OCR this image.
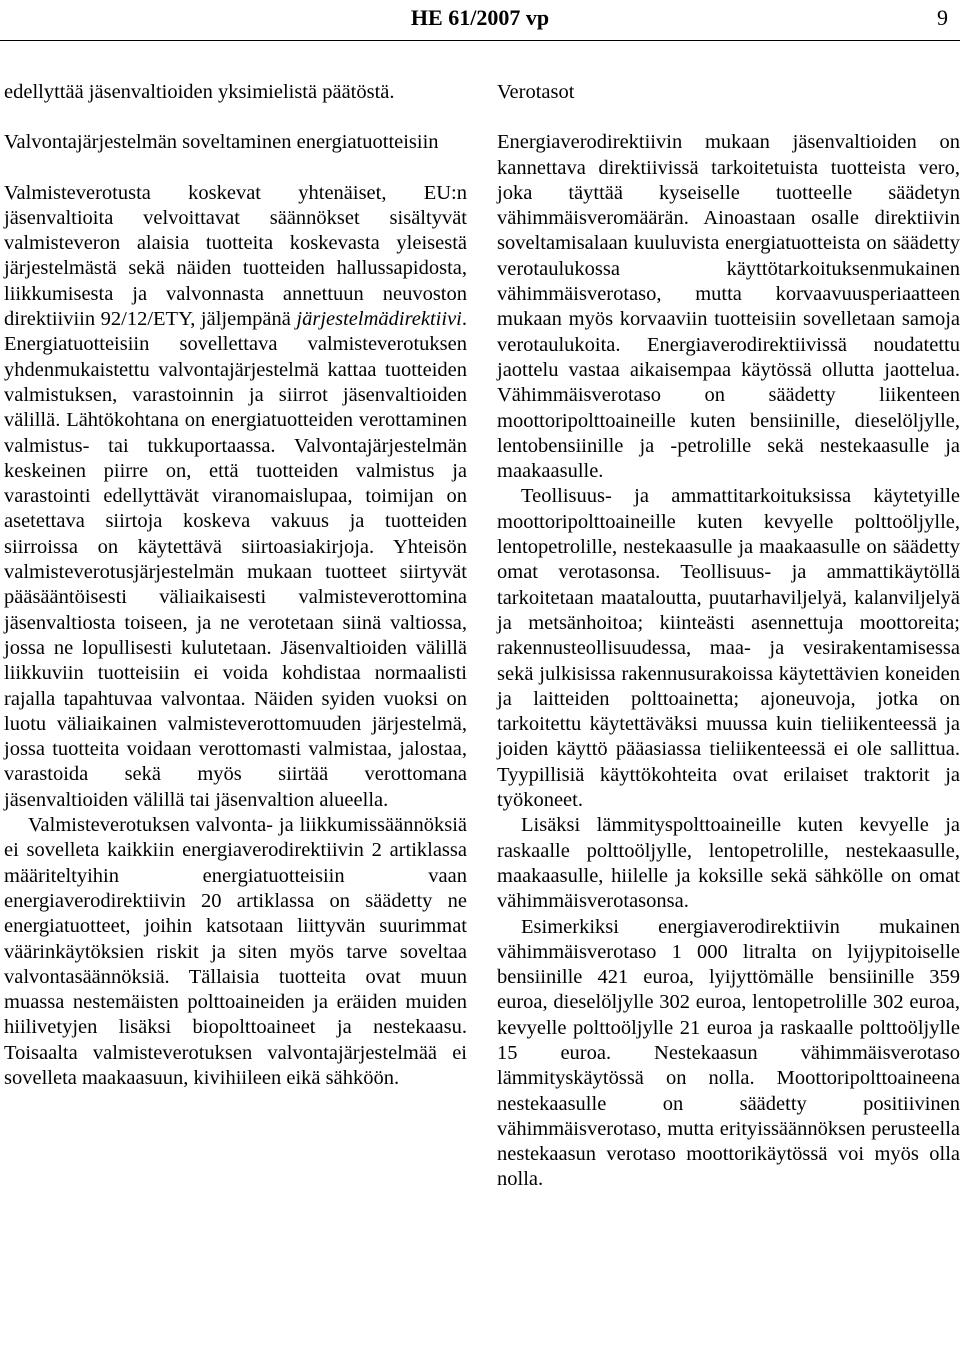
HE 61/2007 vp	9

edellyttää jäsenvaltioiden yksimielistä päätöstä.

Valvontajärjestelmän soveltaminen energiatuotteisiin

Valmisteverotusta koskevat yhtenäiset, EU:n jäsenvaltioita velvoittavat säännökset sisältyvät valmisteveron alaisia tuotteita koskevasta yleisestä järjestelmästä sekä näiden tuotteiden hallussapidosta, liikkumisesta ja valvonnasta annettuun neuvoston direktiiviin 92/12/ETY, jäljempänä järjestelmädirektiivi. Energiatuotteisiin sovellettava valmisteverotuksen yhdenmukaistettu valvontajärjestelmä kattaa tuotteiden valmistuksen, varastoinnin ja siirrot jäsenvaltioiden välillä. Lähtökohtana on energiatuotteiden verottaminen valmistus- tai tukkuportaassa. Valvontajärjestelmän keskeinen piirre on, että tuotteiden valmistus ja varastointi edellyttävät viranomaislupaa, toimijan on asetettava siirtoja koskeva vakuus ja tuotteiden siirroissa on käytettävä siirtoasiakirjoja. Yhteisön valmisteverotusjärjestelmän mukaan tuotteet siirtyvät pääsääntöisesti väliaikaisesti valmisteverottomina jäsenvaltiosta toiseen, ja ne verotetaan siinä valtiossa, jossa ne lopullisesti kulutetaan. Jäsenvaltioiden välillä liikkuviin tuotteisiin ei voida kohdistaa normaalisti rajalla tapahtuvaa valvontaa. Näiden syiden vuoksi on luotu väliaikainen valmisteverottomuuden järjestelmä, jossa tuotteita voidaan verottomasti valmistaa, jalostaa, varastoida sekä myös siirtää verottomana jäsenvaltioiden välillä tai jäsenvaltion alueella.

Valmisteverotuksen valvonta- ja liikkumissäännöksiä ei sovelleta kaikkiin energiaverodirektiivin 2 artiklassa määriteltyihin energiatuotteisiin vaan energiaverodirektiivin 20 artiklassa on säädetty ne energiatuotteet, joihin katsotaan liittyvän suurimmat väärinkäytöksien riskit ja siten myös tarve soveltaa valvontasäännöksiä. Tällaisia tuotteita ovat muun muassa nestemäisten polttoaineiden ja eräiden muiden hiilivetyjen lisäksi biopolttoaineet ja nestekaasu. Toisaalta valmisteverotuksen valvontajärjestelmää ei sovelleta maakaasuun, kivihiileen eikä sähköön.

Verotasot

Energiaverodirektiivin mukaan jäsenvaltioiden on kannettava direktiivissä tarkoitetuista tuotteista vero, joka täyttää kyseiselle tuotteelle säädetyn vähimmäisveromäärän. Ainoastaan osalle direktiivin soveltamisalaan kuuluvista energiatuotteista on säädetty verotaulukossa käyttötarkoituksenmukainen vähimmäisverotaso, mutta korvaavuusperiaatteen mukaan myös korvaaviin tuotteisiin sovelletaan samoja verotaulukoita. Energiaverodirektiivissä noudatettu jaottelu vastaa aikaisempaa käytössä ollutta jaottelua. Vähimmäisverotaso on säädetty liikenteen moottoripolttoaineille kuten bensiinille, dieselöljylle, lentobensiinille ja -petrolille sekä nestekaasulle ja maakaasulle.

Teollisuus- ja ammattitarkoituksissa käytetyille moottoripolttoaineille kuten kevyelle polttoöljylle, lentopetrolille, nestekaasulle ja maakaasulle on säädetty omat verotasonsa. Teollisuus- ja ammattikäytöllä tarkoitetaan maataloutta, puutarhaviljelyä, kalanviljelyä ja metsänhoitoa; kiinteästi asennettuja moottoreita; rakennusteollisuudessa, maa- ja vesirakentamisessa sekä julkisissa rakennusurakoissa käytettävien koneiden ja laitteiden polttoainetta; ajoneuvoja, jotka on tarkoitettu käytettäväksi muussa kuin tieliikenteessä ja joiden käyttö pääasiassa tieliikenteessä ei ole sallittua. Tyypillisiä käyttökohteita ovat erilaiset traktorit ja työkoneet.

Lisäksi lämmityspolttoaineille kuten kevyelle ja raskaalle polttoöljylle, lentopetrolille, nestekaasulle, maakaasulle, hiilelle ja koksille sekä sähkölle on omat vähimmäisverotasonsa.

Esimerkiksi energiaverodirektiivin mukainen vähimmäisverotaso 1 000 litralta on lyijypitoiselle bensiinille 421 euroa, lyijyttömälle bensiinille 359 euroa, dieselöljylle 302 euroa, lentopetrolille 302 euroa, kevyelle polttoöljylle 21 euroa ja raskaalle polttoöljylle 15 euroa. Nestekaasun vähimmäisverotaso lämmityskäytössä on nolla. Moottoripolttoaineena nestekaasulle on säädetty positiivinen vähimmäisverotaso, mutta erityissäännöksen perusteella nestekaasun verotaso moottorikäytössä voi myös olla nolla.
